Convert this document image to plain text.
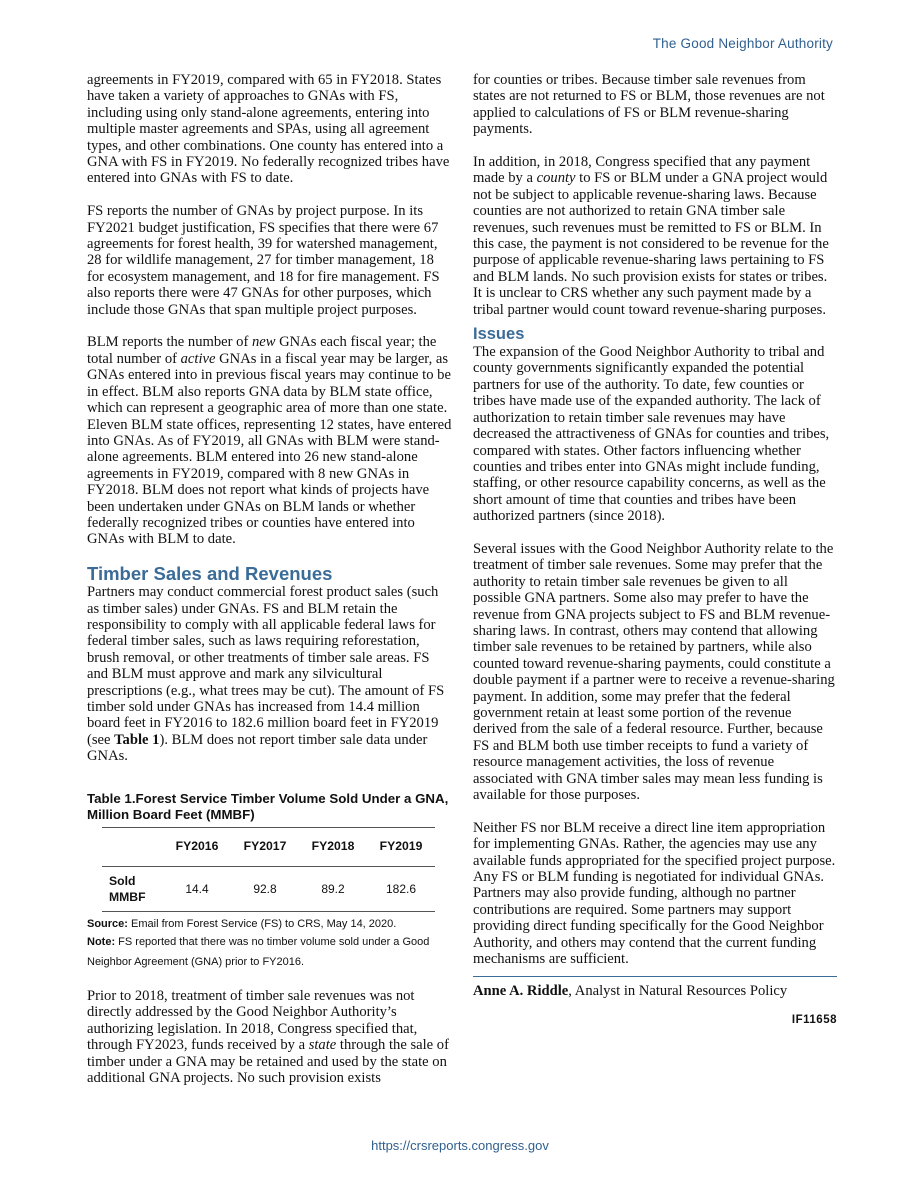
The Good Neighbor Authority

agreements in FY2019, compared with 65 in FY2018. States have taken a variety of approaches to GNAs with FS, including using only stand-alone agreements, entering into multiple master agreements and SPAs, using all agreement types, and other combinations. One county has entered into a GNA with FS in FY2019. No federally recognized tribes have entered into GNAs with FS to date.

FS reports the number of GNAs by project purpose. In its FY2021 budget justification, FS specifies that there were 67 agreements for forest health, 39 for watershed management, 28 for wildlife management, 27 for timber management, 18 for ecosystem management, and 18 for fire management. FS also reports there were 47 GNAs for other purposes, which include those GNAs that span multiple project purposes.

BLM reports the number of new GNAs each fiscal year; the total number of active GNAs in a fiscal year may be larger, as GNAs entered into in previous fiscal years may continue to be in effect. BLM also reports GNA data by BLM state office, which can represent a geographic area of more than one state. Eleven BLM state offices, representing 12 states, have entered into GNAs. As of FY2019, all GNAs with BLM were stand-alone agreements. BLM entered into 26 new stand-alone agreements in FY2019, compared with 8 new GNAs in FY2018. BLM does not report what kinds of projects have been undertaken under GNAs on BLM lands or whether federally recognized tribes or counties have entered into GNAs with BLM to date.

Timber Sales and Revenues

Partners may conduct commercial forest product sales (such as timber sales) under GNAs. FS and BLM retain the responsibility to comply with all applicable federal laws for federal timber sales, such as laws requiring reforestation, brush removal, or other treatments of timber sale areas. FS and BLM must approve and mark any silvicultural prescriptions (e.g., what trees may be cut). The amount of FS timber sold under GNAs has increased from 14.4 million board feet in FY2016 to 182.6 million board feet in FY2019 (see Table 1). BLM does not report timber sale data under GNAs.

Table 1.Forest Service Timber Volume Sold Under a GNA, Million Board Feet (MMBF)
	FY2016	FY2017	FY2018	FY2019
Sold MMBF	14.4	92.8	89.2	182.6
Source: Email from Forest Service (FS) to CRS, May 14, 2020.
Note: FS reported that there was no timber volume sold under a Good Neighbor Agreement (GNA) prior to FY2016.

Prior to 2018, treatment of timber sale revenues was not directly addressed by the Good Neighbor Authority’s authorizing legislation. In 2018, Congress specified that, through FY2023, funds received by a state through the sale of timber under a GNA may be retained and used by the state on additional GNA projects. No such provision exists

for counties or tribes. Because timber sale revenues from states are not returned to FS or BLM, those revenues are not applied to calculations of FS or BLM revenue-sharing payments.

In addition, in 2018, Congress specified that any payment made by a county to FS or BLM under a GNA project would not be subject to applicable revenue-sharing laws. Because counties are not authorized to retain GNA timber sale revenues, such revenues must be remitted to FS or BLM. In this case, the payment is not considered to be revenue for the purpose of applicable revenue-sharing laws pertaining to FS and BLM lands. No such provision exists for states or tribes. It is unclear to CRS whether any such payment made by a tribal partner would count toward revenue-sharing purposes.

Issues

The expansion of the Good Neighbor Authority to tribal and county governments significantly expanded the potential partners for use of the authority. To date, few counties or tribes have made use of the expanded authority. The lack of authorization to retain timber sale revenues may have decreased the attractiveness of GNAs for counties and tribes, compared with states. Other factors influencing whether counties and tribes enter into GNAs might include funding, staffing, or other resource capability concerns, as well as the short amount of time that counties and tribes have been authorized partners (since 2018).

Several issues with the Good Neighbor Authority relate to the treatment of timber sale revenues. Some may prefer that the authority to retain timber sale revenues be given to all possible GNA partners. Some also may prefer to have the revenue from GNA projects subject to FS and BLM revenue-sharing laws. In contrast, others may contend that allowing timber sale revenues to be retained by partners, while also counted toward revenue-sharing payments, could constitute a double payment if a partner were to receive a revenue-sharing payment. In addition, some may prefer that the federal government retain at least some portion of the revenue derived from the sale of a federal resource. Further, because FS and BLM both use timber receipts to fund a variety of resource management activities, the loss of revenue associated with GNA timber sales may mean less funding is available for those purposes.

Neither FS nor BLM receive a direct line item appropriation for implementing GNAs. Rather, the agencies may use any available funds appropriated for the specified project purpose. Any FS or BLM funding is negotiated for individual GNAs. Partners may also provide funding, although no partner contributions are required. Some partners may support providing direct funding specifically for the Good Neighbor Authority, and others may contend that the current funding mechanisms are sufficient.

Anne A. Riddle, Analyst in Natural Resources Policy
IF11658
https://crsreports.congress.gov
